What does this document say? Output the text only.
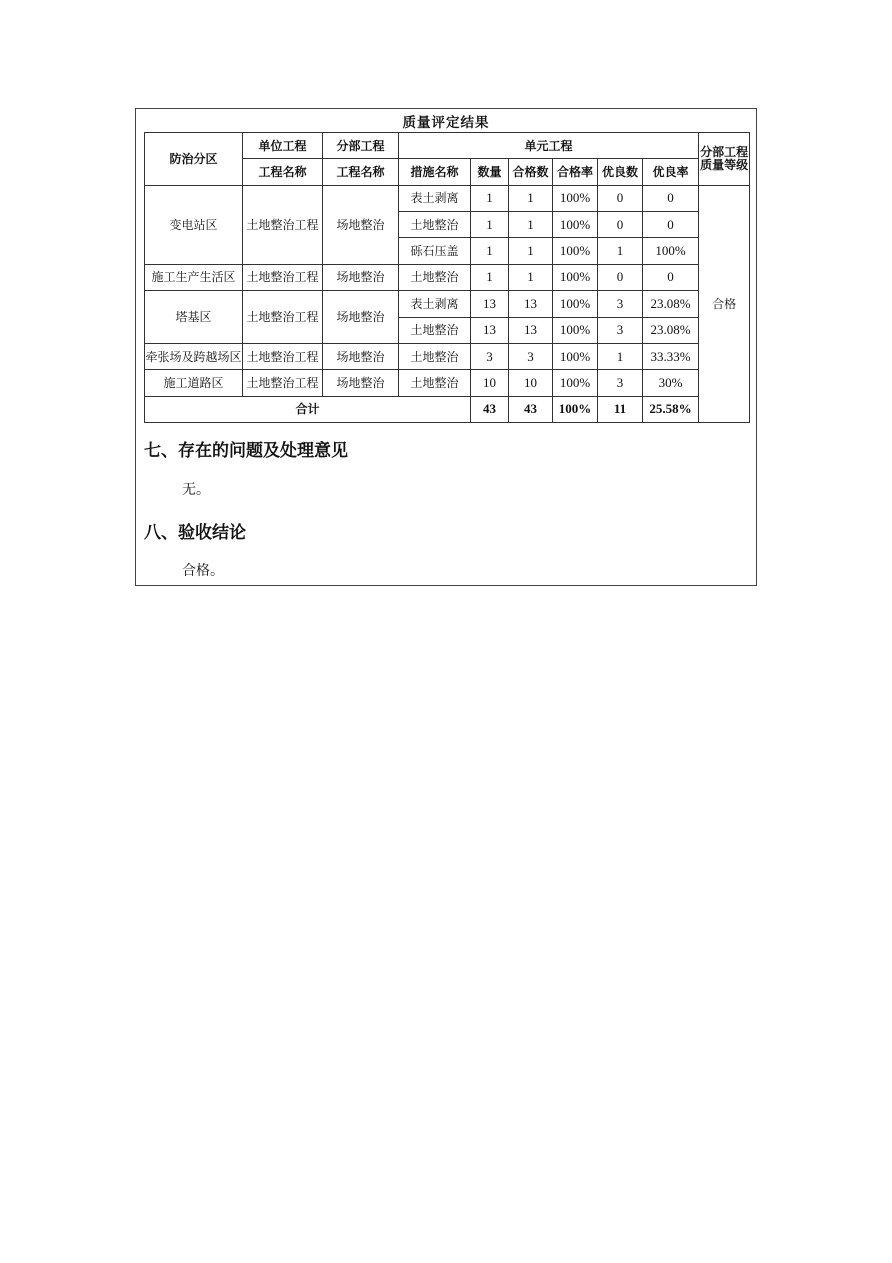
质量评定结果
防治分区	单位工程	分部工程	单元工程						分部工程质量等级
	工程名称	工程名称	措施名称	数量	合格数	合格率	优良数	优良率	
变电站区	土地整治工程	场地整治	表土剥离	1	1	100%	0	0	合格
			土地整治	1	1	100%	0	0	
			砾石压盖	1	1	100%	1	100%	
施工生产生活区	土地整治工程	场地整治	土地整治	1	1	100%	0	0	
塔基区	土地整治工程	场地整治	表土剥离	13	13	100%	3	23.08%	
			土地整治	13	13	100%	3	23.08%	
牵张场及跨越场区	土地整治工程	场地整治	土地整治	3	3	100%	1	33.33%	
施工道路区	土地整治工程	场地整治	土地整治	10	10	100%	3	30%	
合计				43	43	100%	11	25.58%	
七、存在的问题及处理意见
无。
八、验收结论
合格。
